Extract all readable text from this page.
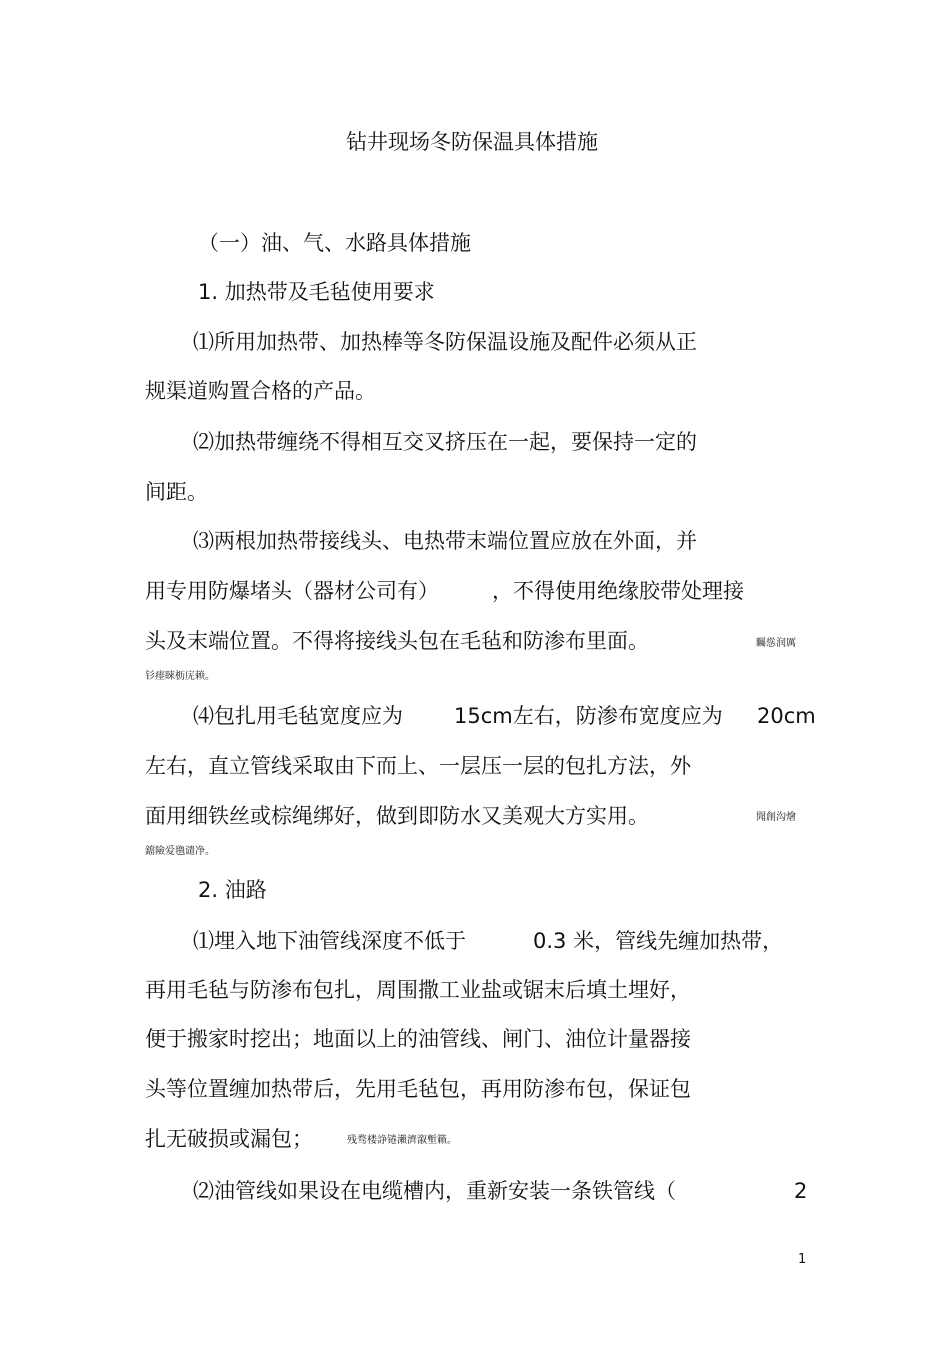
钻井现场冬防保温具体措施
（一）油、气、水路具体措施
1. 加热带及毛毡使用要求
⑴所用加热带、加热棒等冬防保温设施及配件必须从正
规渠道购置合格的产品。
⑵加热带缠绕不得相互交叉挤压在一起，要保持一定的
间距。
⑶两根加热带接线头、电热带末端位置应放在外面，并
用专用防爆堵头（器材公司有）	，不得使用绝缘胶带处理接
头及末端位置。不得将接线头包在毛毡和防渗布里面。	矚慫润厲
钐瘗睞枥庑赖。
⑷包扎用毛毡宽度应为 15cm左右，防渗布宽度应为 20cm
左右，直立管线采取由下而上、一层压一层的包扎方法，外
面用细铁丝或棕绳绑好，做到即防水又美观大方实用。	聞創沟燴
鐺險爱氇谴净。
2. 油路
⑴埋入地下油管线深度不低于	0.3 米，管线先缠加热带，
再用毛毡与防渗布包扎，周围撒工业盐或锯末后填土埋好，
便于搬家时挖出；地面以上的油管线、闸门、油位计量器接
头等位置缠加热带后，先用毛毡包，再用防渗布包，保证包
扎无破损或漏包；	残骛楼諍锩瀨濟溆塹籟。
⑵油管线如果设在电缆槽内，重新安装一条铁管线（	2
1
